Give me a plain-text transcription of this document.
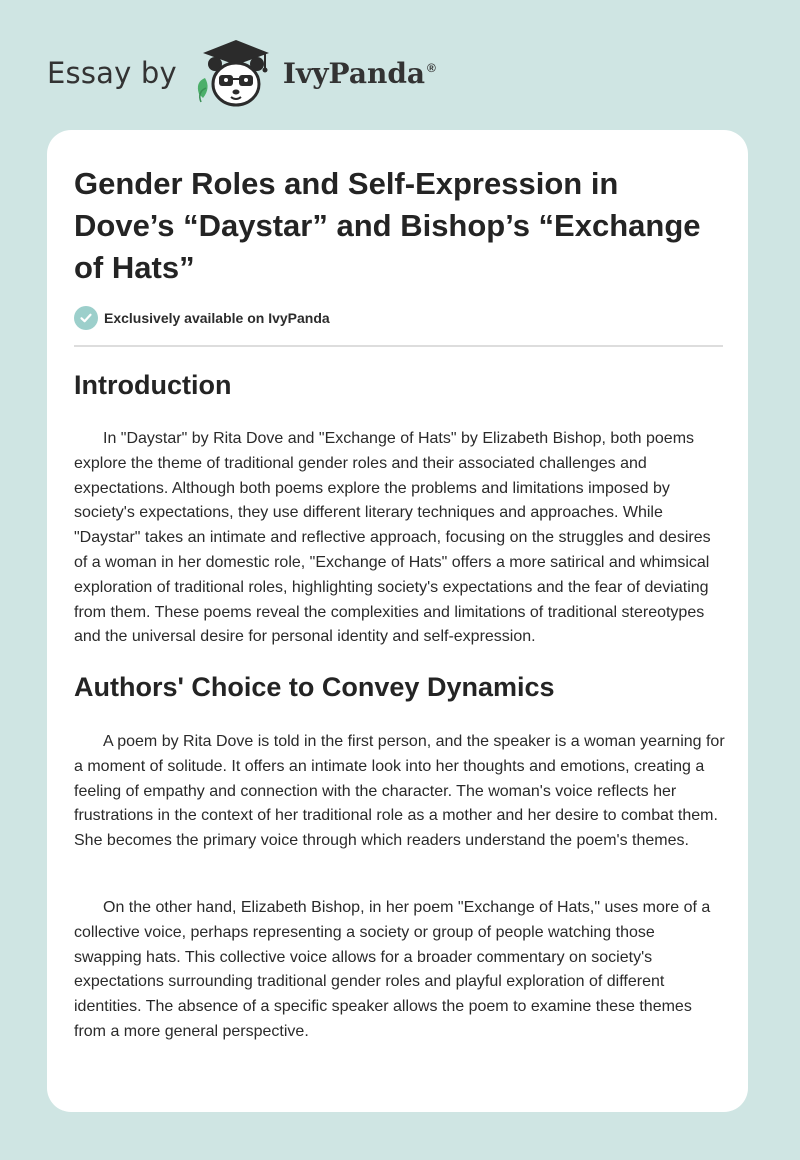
Essay by	IvyPanda ®
Gender Roles and Self-Expression in Dove’s “Daystar” and Bishop’s “Exchange of Hats”
Exclusively available on IvyPanda
Introduction

In "Daystar" by Rita Dove and "Exchange of Hats" by Elizabeth Bishop, both poems explore the theme of traditional gender roles and their associated challenges and expectations. Although both poems explore the problems and limitations imposed by society's expectations, they use different literary techniques and approaches. While "Daystar" takes an intimate and reflective approach, focusing on the struggles and desires of a woman in her domestic role, "Exchange of Hats" offers a more satirical and whimsical exploration of traditional roles, highlighting society's expectations and the fear of deviating from them. These poems reveal the complexities and limitations of traditional stereotypes and the universal desire for personal identity and self-expression.

Authors' Choice to Convey Dynamics

A poem by Rita Dove is told in the first person, and the speaker is a woman yearning for a moment of solitude. It offers an intimate look into her thoughts and emotions, creating a feeling of empathy and connection with the character. The woman's voice reflects her frustrations in the context of her traditional role as a mother and her desire to combat them. She becomes the primary voice through which readers understand the poem's themes.

On the other hand, Elizabeth Bishop, in her poem "Exchange of Hats," uses more of a collective voice, perhaps representing a society or group of people watching those swapping hats. This collective voice allows for a broader commentary on society's expectations surrounding traditional gender roles and playful exploration of different identities. The absence of a specific speaker allows the poem to examine these themes from a more general perspective.
